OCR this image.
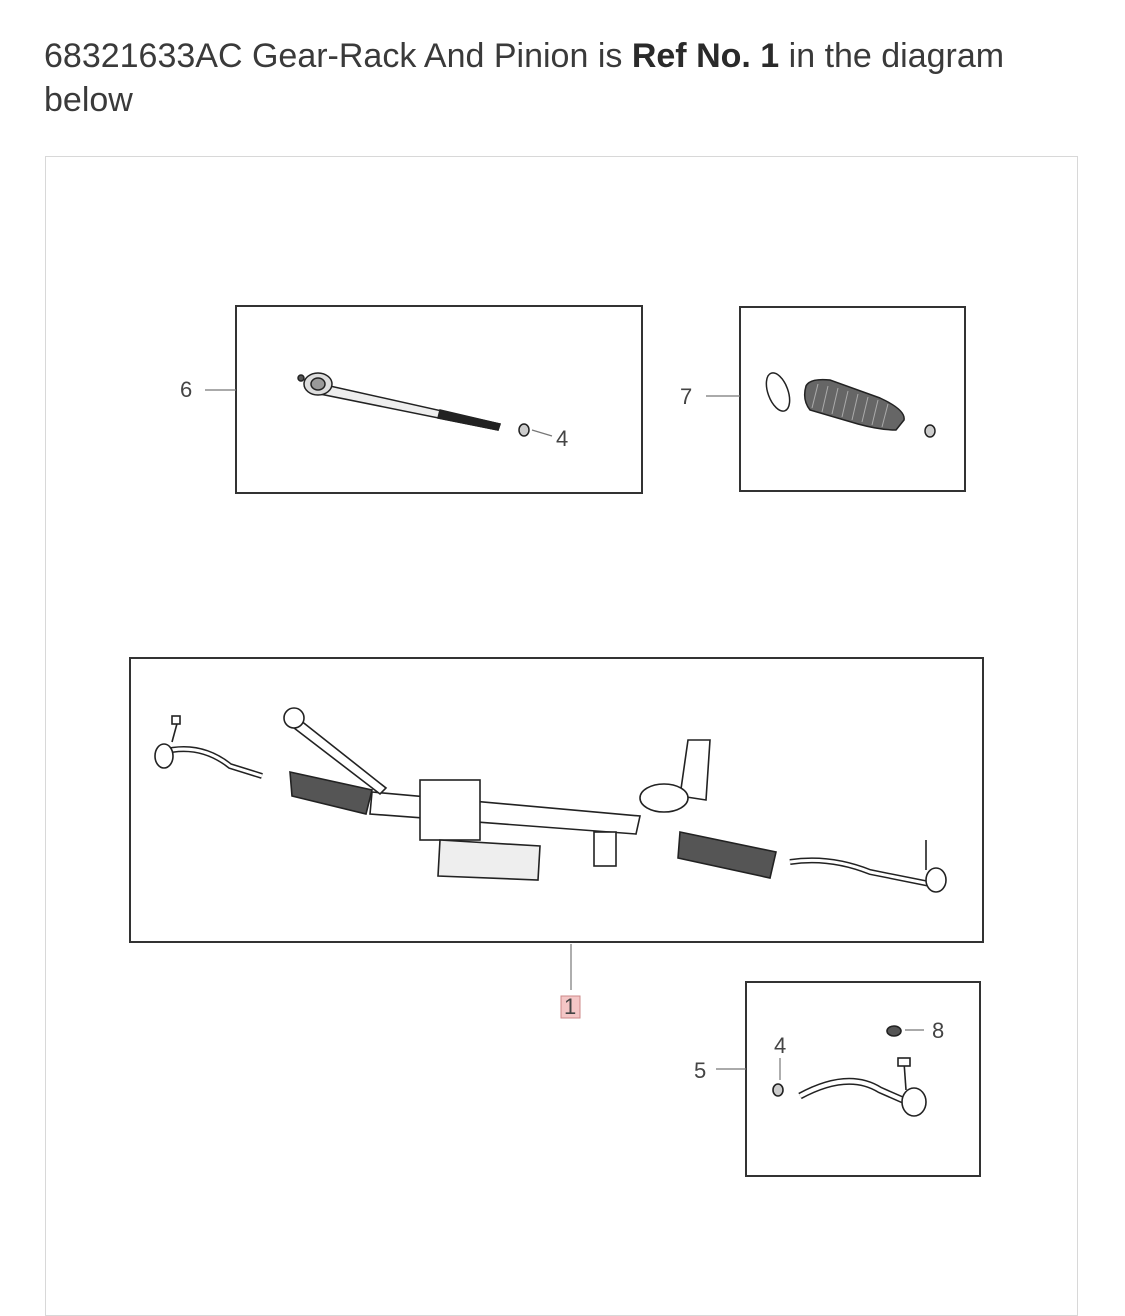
68321633AC Gear-Rack And Pinion is Ref No. 1 in the diagram below

6
4
7
1
5
4
8
